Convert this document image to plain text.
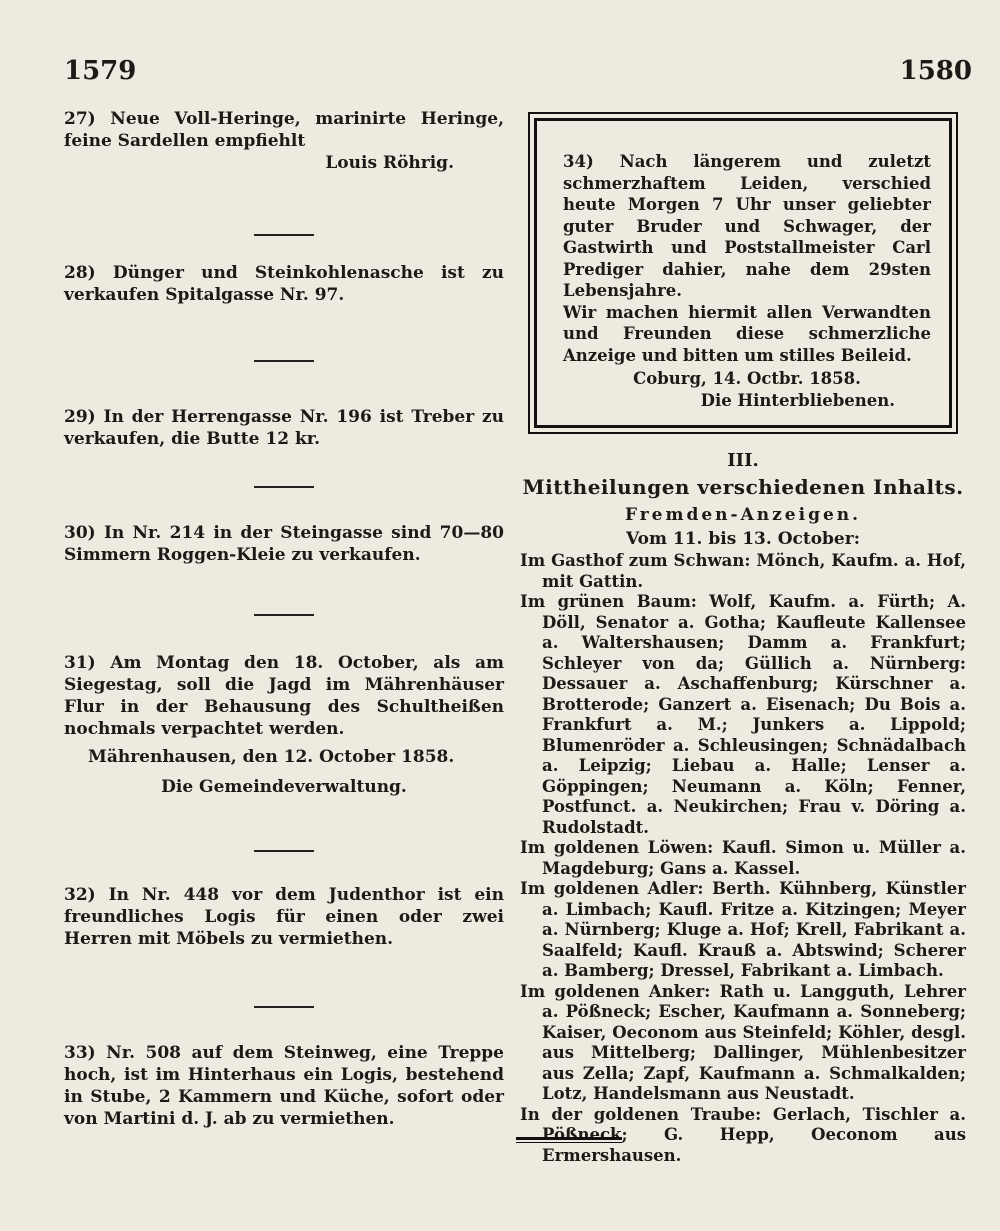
1579	1580

27) Neue Voll-Heringe, marinirte Heringe, feine Sardellen empfiehlt

Louis Röhrig.

28) Dünger und Steinkohlenasche ist zu verkaufen Spitalgasse Nr. 97.

29) In der Herrengasse Nr. 196 ist Treber zu verkaufen, die Butte 12 kr.

30) In Nr. 214 in der Steingasse sind 70—80 Simmern Roggen-Kleie zu verkaufen.

31) Am Montag den 18. October, als am Siegestag, soll die Jagd im Mährenhäuser Flur in der Behausung des Schultheißen nochmals verpachtet werden.

Mährenhausen, den 12. October 1858.

Die Gemeindeverwaltung.

32) In Nr. 448 vor dem Judenthor ist ein freundliches Logis für einen oder zwei Herren mit Möbels zu vermiethen.

33) Nr. 508 auf dem Steinweg, eine Treppe hoch, ist im Hinterhaus ein Logis, bestehend in Stube, 2 Kammern und Küche, sofort oder von Martini d. J. ab zu vermiethen.

34) Nach längerem und zuletzt schmerzhaftem Leiden, verschied heute Morgen 7 Uhr unser geliebter guter Bruder und Schwager, der Gastwirth und Poststallmeister Carl Prediger dahier, nahe dem 29sten Lebensjahre.
Wir machen hiermit allen Verwandten und Freunden diese schmerzliche Anzeige und bitten um stilles Beileid.
Coburg, 14. Octbr. 1858.
Die Hinterbliebenen.
III.
Mittheilungen verschiedenen Inhalts.
Fremden-Anzeigen.
Vom 11. bis 13. October:

Im Gasthof zum Schwan: Mönch, Kaufm. a. Hof, mit Gattin.

Im grünen Baum: Wolf, Kaufm. a. Fürth; A. Döll, Senator a. Gotha; Kaufleute Kallensee a. Waltershausen; Damm a. Frankfurt; Schleyer von da; Güllich a. Nürnberg: Dessauer a. Aschaffenburg; Kürschner a. Brotterode; Ganzert a. Eisenach; Du Bois a. Frankfurt a. M.; Junkers a. Lippold; Blumenröder a. Schleusingen; Schnädalbach a. Leipzig; Liebau a. Halle; Lenser a. Göppingen; Neumann a. Köln; Fenner, Postfunct. a. Neukirchen; Frau v. Döring a. Rudolstadt.

Im goldenen Löwen: Kaufl. Simon u. Müller a. Magdeburg; Gans a. Kassel.

Im goldenen Adler: Berth. Kühnberg, Künstler a. Limbach; Kaufl. Fritze a. Kitzingen; Meyer a. Nürnberg; Kluge a. Hof; Krell, Fabrikant a. Saalfeld; Kaufl. Krauß a. Abtswind; Scherer a. Bamberg; Dressel, Fabrikant a. Limbach.

Im goldenen Anker: Rath u. Langguth, Lehrer a. Pößneck; Escher, Kaufmann a. Sonneberg; Kaiser, Oeconom aus Steinfeld; Köhler, desgl. aus Mittelberg; Dallinger, Mühlenbesitzer aus Zella; Zapf, Kaufmann a. Schmalkalden; Lotz, Handelsmann aus Neustadt.

In der goldenen Traube: Gerlach, Tischler a. Pößneck; G. Hepp, Oeconom aus Ermershausen.
